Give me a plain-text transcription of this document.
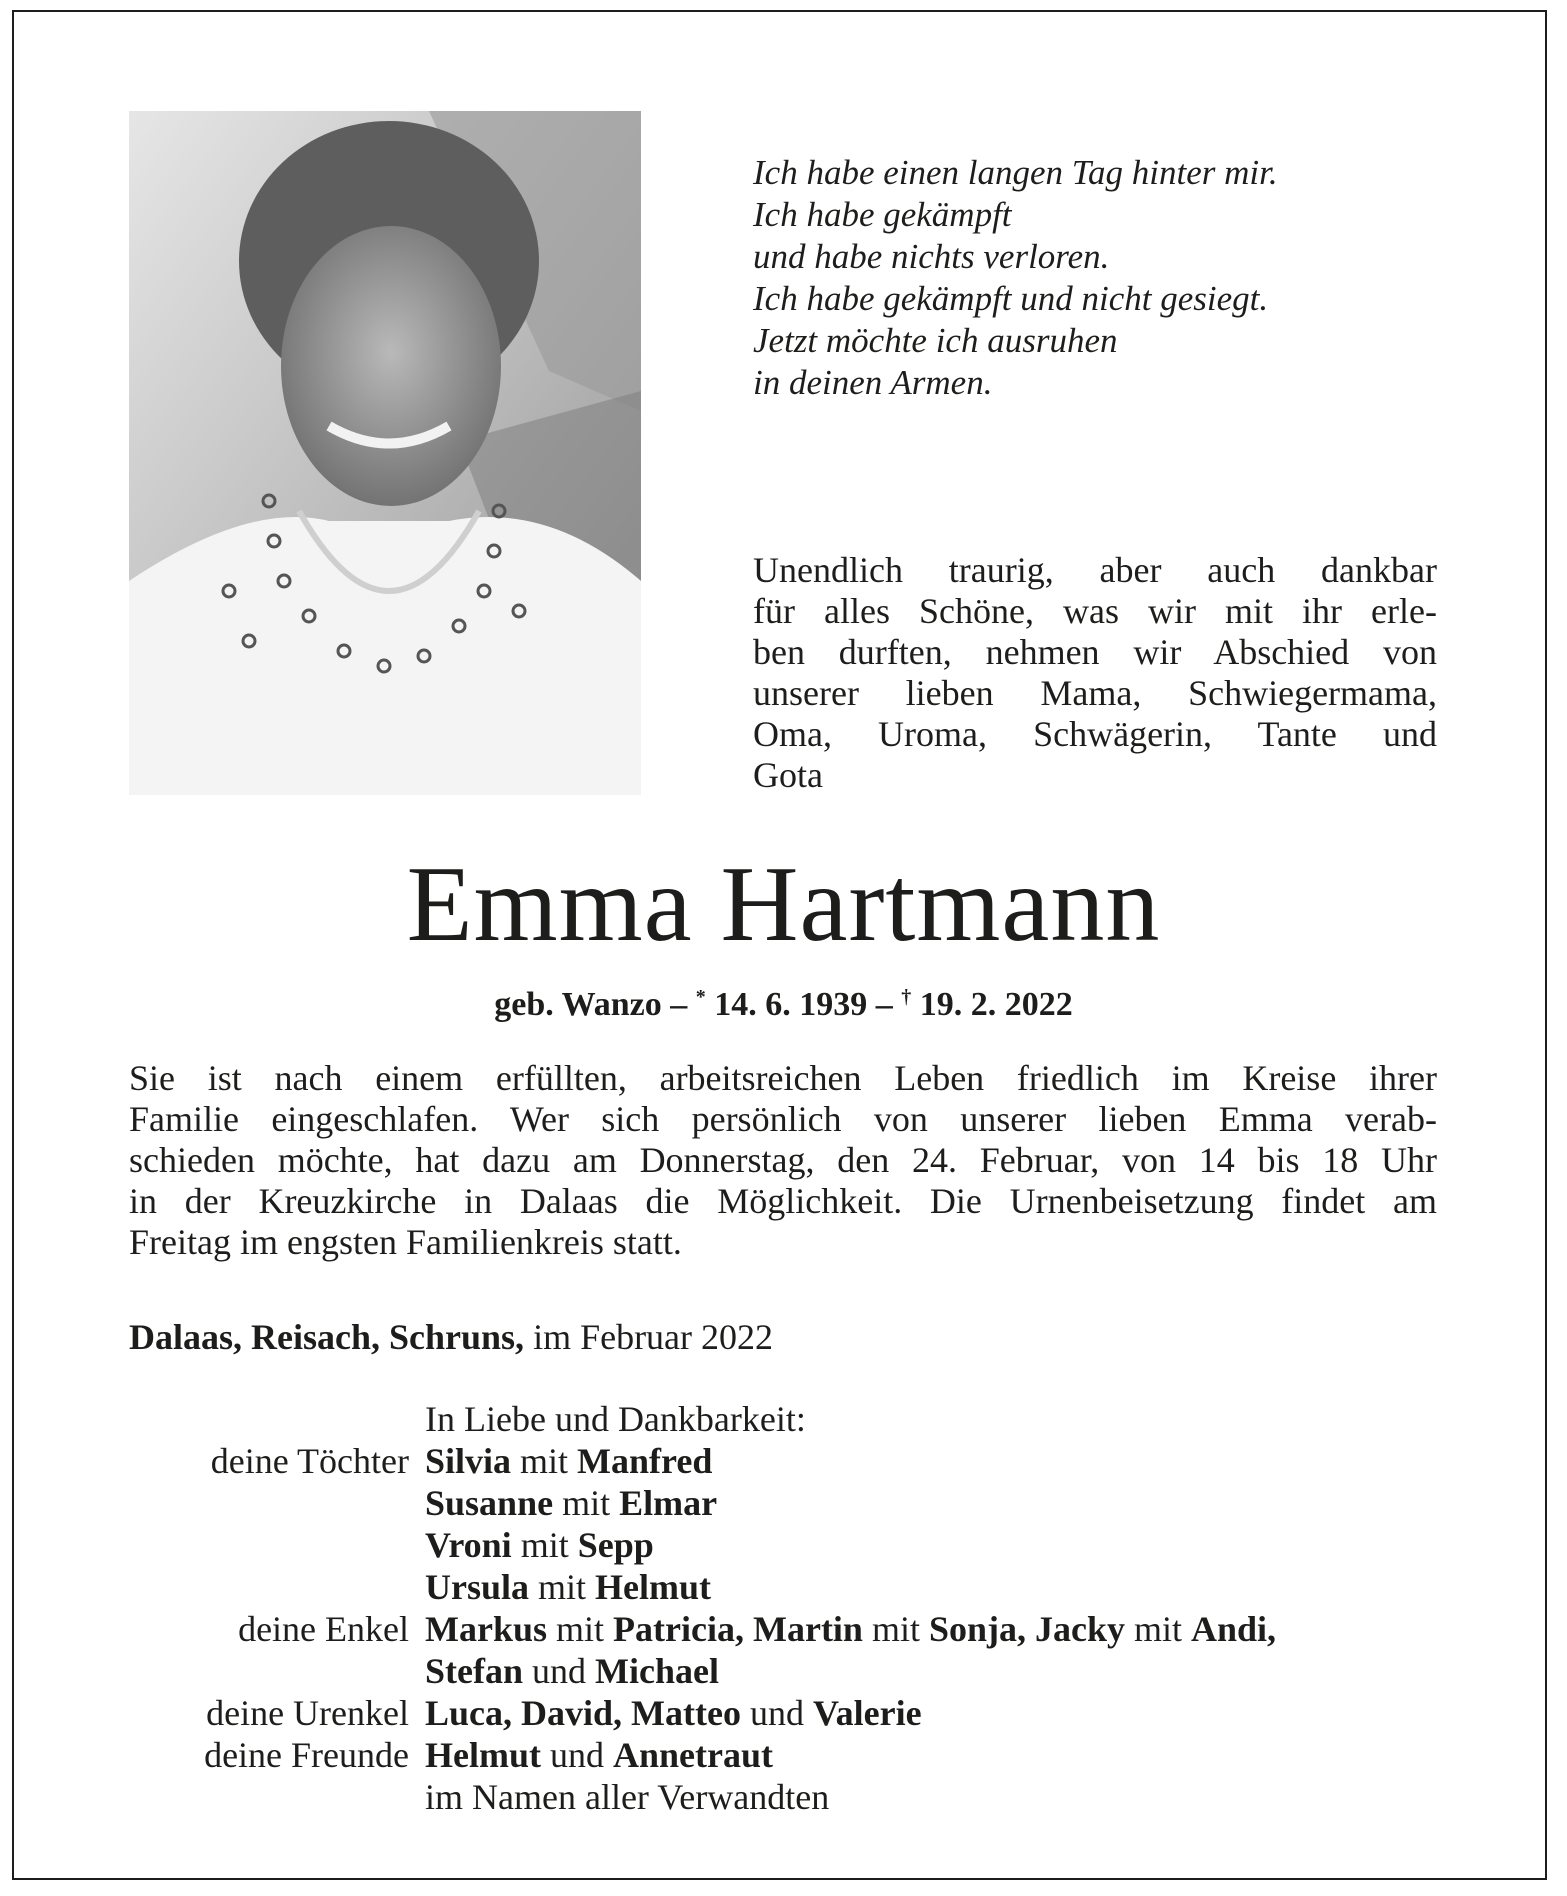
Ich habe einen langen Tag hinter mir.
Ich habe gekämpft
und habe nichts verloren.
Ich habe gekämpft und nicht gesiegt.
Jetzt möchte ich ausruhen
in deinen Armen.
Unendlich traurig, aber auch dankbar
für alles Schöne, was wir mit ihr erle-
ben durften, nehmen wir Abschied von
unserer lieben Mama, Schwiegermama,
Oma, Uroma, Schwägerin, Tante und
Gota
Emma Hartmann
geb. Wanzo – * 14. 6. 1939 – † 19. 2. 2022
Sie ist nach einem erfüllten, arbeitsreichen Leben friedlich im Kreise ihrer
Familie eingeschlafen. Wer sich persönlich von unserer lieben Emma verab-
schieden möchte, hat dazu am Donnerstag, den 24. Februar, von 14 bis 18 Uhr
in der Kreuzkirche in Dalaas die Möglichkeit. Die Urnenbeisetzung findet am
Freitag im engsten Familienkreis statt.
Dalaas, Reisach, Schruns, im Februar 2022
In Liebe und Dankbarkeit:
deine Töchter Silvia mit Manfred
Susanne mit Elmar
Vroni mit Sepp
Ursula mit Helmut
deine Enkel Markus mit Patricia, Martin mit Sonja, Jacky mit Andi,
Stefan und Michael
deine Urenkel Luca, David, Matteo und Valerie
deine Freunde Helmut und Annetraut
im Namen aller Verwandten
